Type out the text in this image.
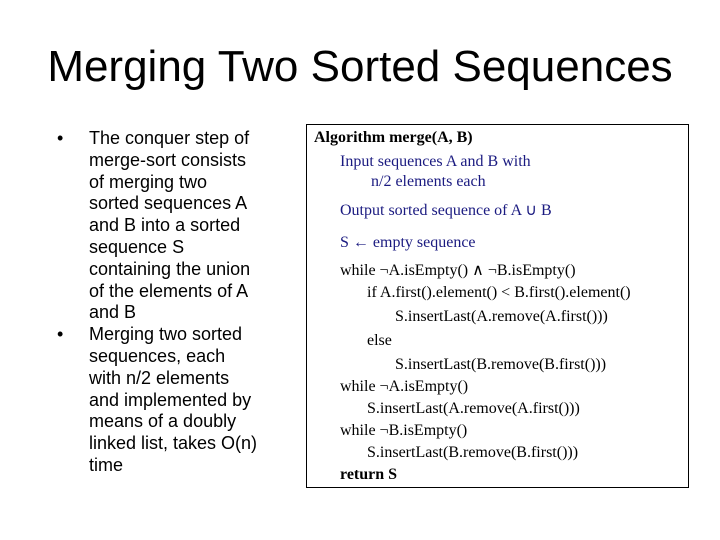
Merging Two Sorted Sequences
• The conquer step of
merge-sort consists
of merging two
sorted sequences A
and B into a sorted
sequence S
containing the union
of the elements of A
and B
• Merging two sorted
sequences, each
with n/2 elements
and implemented by
means of a doubly
linked list, takes O(n)
time
Algorithm merge(A, B)
Input sequences A and B with
n/2 elements each
Output sorted sequence of A ∪ B
S ← empty sequence
while ¬A.isEmpty() ∧ ¬B.isEmpty()
if A.first().element() < B.first().element()
S.insertLast(A.remove(A.first()))
else
S.insertLast(B.remove(B.first()))
while ¬A.isEmpty()
S.insertLast(A.remove(A.first()))
while ¬B.isEmpty()
S.insertLast(B.remove(B.first()))
return S
